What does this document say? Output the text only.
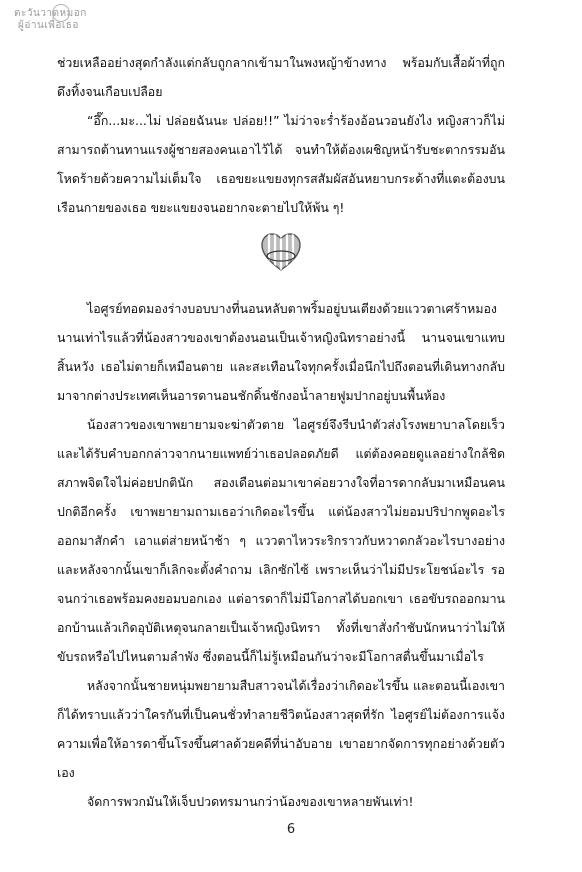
ตะวันวาดหมอก
ผู้อ่านเพื่อเธอ

ช่วยเหลืออย่างสุดกำลังแต่กลับถูกลากเข้ามาในพงหญ้าข้างทาง พร้อมกับเสื้อผ้าที่ถูกดึงทิ้งจนเกือบเปลือย

“อึ๊ก...มะ...ไม่ ปล่อยฉันนะ ปล่อย!!” ไม่ว่าจะร่ำร้องอ้อนวอนยังไง หญิงสาวก็ไม่สามารถต้านทานแรงผู้ชายสองคนเอาไว้ได้ จนทำให้ต้องเผชิญหน้ารับชะตากรรมอันโหดร้ายด้วยความไม่เต็มใจ เธอขยะแขยงทุกรสสัมผัสอันหยาบกระด้างที่แตะต้องบนเรือนกายของเธอ ขยะแขยงจนอยากจะตายไปให้พ้น ๆ!

ไอศูรย์ทอดมองร่างบอบบางที่นอนหลับตาพริ้มอยู่บนเตียงด้วยแววตาเศร้าหมอง นานเท่าไรแล้วที่น้องสาวของเขาต้องนอนเป็นเจ้าหญิงนิทราอย่างนี้ นานจนเขาแทบสิ้นหวัง เธอไม่ตายก็เหมือนตาย และสะเทือนใจทุกครั้งเมื่อนึกไปถึงตอนที่เดินทางกลับมาจากต่างประเทศเห็นอารดานอนชักดิ้นชักงอน้ำลายฟูมปากอยู่บนพื้นห้อง

น้องสาวของเขาพยายามจะฆ่าตัวตาย ไอศูรย์จึงรีบนำตัวส่งโรงพยาบาลโดยเร็วและได้รับคำบอกกล่าวจากนายแพทย์ว่าเธอปลอดภัยดี แต่ต้องคอยดูแลอย่างใกล้ชิด สภาพจิตใจไม่ค่อยปกตินัก สองเดือนต่อมาเขาค่อยวางใจที่อารดากลับมาเหมือนคนปกติอีกครั้ง เขาพยายามถามเธอว่าเกิดอะไรขึ้น แต่น้องสาวไม่ยอมปริปากพูดอะไรออกมาสักคำ เอาแต่ส่ายหน้าช้า ๆ แววตาไหวระริกราวกับหวาดกลัวอะไรบางอย่าง และหลังจากนั้นเขาก็เลิกจะตั้งคำถาม เลิกซักไซ้ เพราะเห็นว่าไม่มีประโยชน์อะไร รอจนกว่าเธอพร้อมคงยอมบอกเอง แต่อารดาก็ไม่มีโอกาสได้บอกเขา เธอขับรถออกมานอกบ้านแล้วเกิดอุบัติเหตุจนกลายเป็นเจ้าหญิงนิทรา ทั้งที่เขาสั่งกำชับนักหนาว่าไม่ให้ขับรถหรือไปไหนตามลำพัง ซึ่งตอนนี้ก็ไม่รู้เหมือนกันว่าจะมีโอกาสตื่นขึ้นมาเมื่อไร

หลังจากนั้นชายหนุ่มพยายามสืบสาวจนได้เรื่องว่าเกิดอะไรขึ้น และตอนนี้เองเขาก็ได้ทราบแล้วว่าใครกันที่เป็นคนชั่วทำลายชีวิตน้องสาวสุดที่รัก ไอศูรย์ไม่ต้องการแจ้งความเพื่อให้อารดาขึ้นโรงขึ้นศาลด้วยคดีที่น่าอับอาย เขาอยากจัดการทุกอย่างด้วยตัวเอง

จัดการพวกมันให้เจ็บปวดทรมานกว่าน้องของเขาหลายพันเท่า!

6
